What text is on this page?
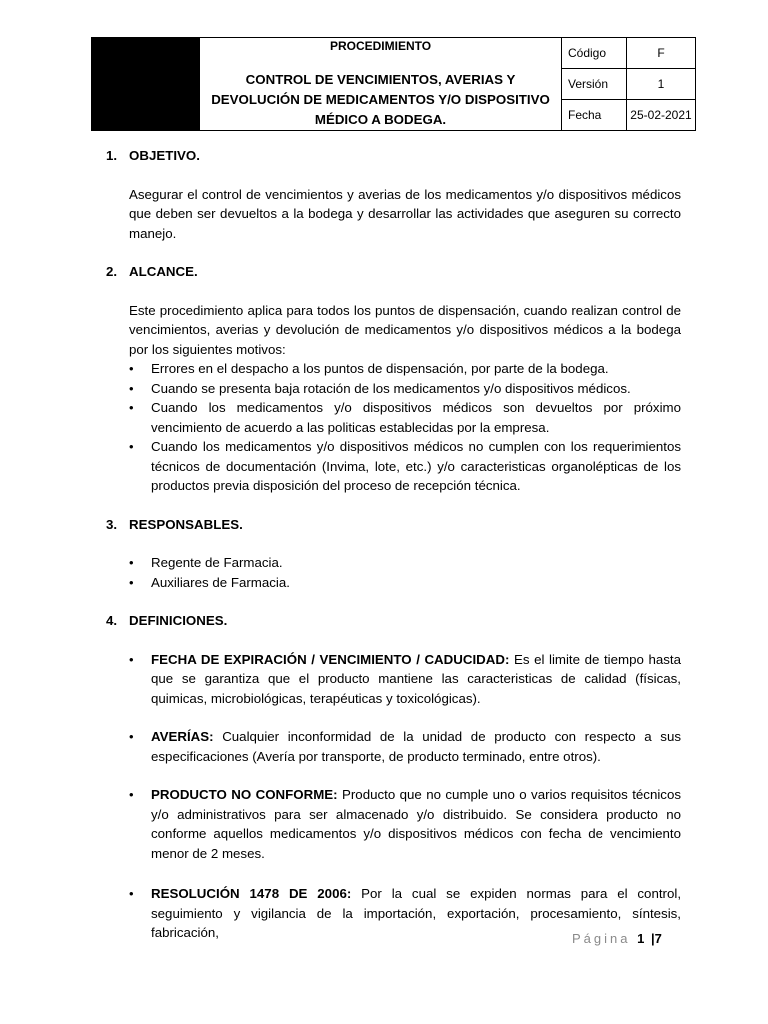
	PROCEDIMIENTO
CONTROL DE VENCIMIENTOS, AVERIAS Y DEVOLUCIÓN DE MEDICAMENTOS Y/O DISPOSITIVO MÉDICO A BODEGA.	Código	F
		Versión	1
		Fecha	25-02-2021
1. OBJETIVO.
Asegurar el control de vencimientos y averias de los medicamentos y/o dispositivos médicos que deben ser devueltos a la bodega y desarrollar las actividades que aseguren su correcto manejo.
2. ALCANCE.
Este procedimiento aplica para todos los puntos de dispensación, cuando realizan control de vencimientos, averias y devolución de medicamentos y/o dispositivos médicos a la bodega por los siguientes motivos:
• Errores en el despacho a los puntos de dispensación, por parte de la bodega.
• Cuando se presenta baja rotación de los medicamentos y/o dispositivos médicos.
• Cuando los medicamentos y/o dispositivos médicos son devueltos por próximo vencimiento de acuerdo a las politicas establecidas por la empresa.
• Cuando los medicamentos y/o dispositivos médicos no cumplen con los requerimientos técnicos de documentación (Invima, lote, etc.) y/o caracteristicas organolépticas de los productos previa disposición del proceso de recepción técnica.
3. RESPONSABLES.
• Regente de Farmacia.
• Auxiliares de Farmacia.
4. DEFINICIONES.
• FECHA DE EXPIRACIÓN / VENCIMIENTO / CADUCIDAD: Es el limite de tiempo hasta que se garantiza que el producto mantiene las caracteristicas de calidad (físicas, quimicas, microbiológicas, terapéuticas y toxicológicas).
• AVERÍAS: Cualquier inconformidad de la unidad de producto con respecto a sus especificaciones (Avería por transporte, de producto terminado, entre otros).
• PRODUCTO NO CONFORME: Producto que no cumple uno o varios requisitos técnicos y/o administrativos para ser almacenado y/o distribuido. Se considera producto no conforme aquellos medicamentos y/o dispositivos médicos con fecha de vencimiento menor de 2 meses.
• RESOLUCIÓN 1478 DE 2006: Por la cual se expiden normas para el control, seguimiento y vigilancia de la importación, exportación, procesamiento, síntesis, fabricación,	Página 1 |7
